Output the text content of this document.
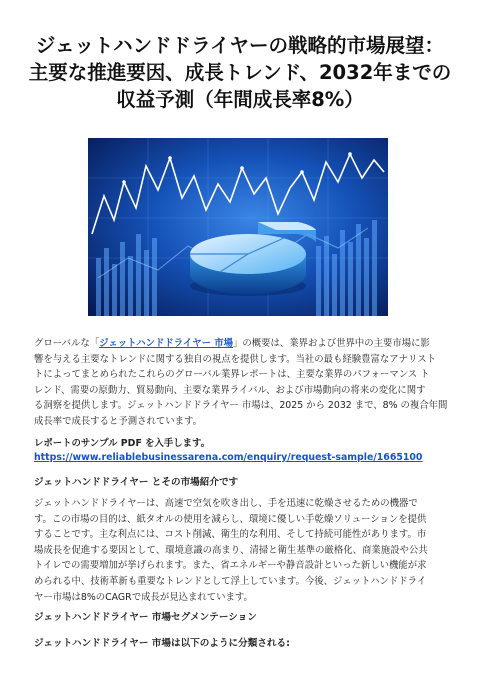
ジェットハンドドライヤーの戦略的市場展望：
主要な推進要因、成長トレンド、2032年までの
収益予測（年間成長率8%）
グローバルな「ジェットハンドドライヤー 市場」の概要は、業界および世界中の主要市場に影
響を与える主要なトレンドに関する独自の視点を提供します。当社の最も経験豊富なアナリスト
トによってまとめられたこれらのグローバル業界レポートは、主要な業界のパフォーマンス ト
レンド、需要の原動力、貿易動向、主要な業界ライバル、および市場動向の将来の変化に関す
る洞察を提供します。ジェットハンドドライヤー 市場は、2025 から 2032 まで、8% の複合年間
成長率で成長すると予測されています。
レポートのサンプル PDF を入手します。 https://www.reliablebusinessarena.com/enquiry/request-sample/1665100
ジェットハンドドライヤー とその市場紹介です
ジェットハンドドライヤーは、高速で空気を吹き出し、手を迅速に乾燥させるための機器で
す。この市場の目的は、紙タオルの使用を減らし、環境に優しい手乾燥ソリューションを提供
することです。主な利点には、コスト削減、衛生的な利用、そして持続可能性があります。市
場成長を促進する要因として、環境意識の高まり、清掃と衛生基準の厳格化、商業施設や公共
トイレでの需要増加が挙げられます。また、省エネルギーや静音設計といった新しい機能が求
められる中、技術革新も重要なトレンドとして浮上しています。今後、ジェットハンドドライ
ヤー市場は8%のCAGRで成長が見込まれています。
ジェットハンドドライヤー 市場セグメンテーション
ジェットハンドドライヤー 市場は以下のように分類される:
